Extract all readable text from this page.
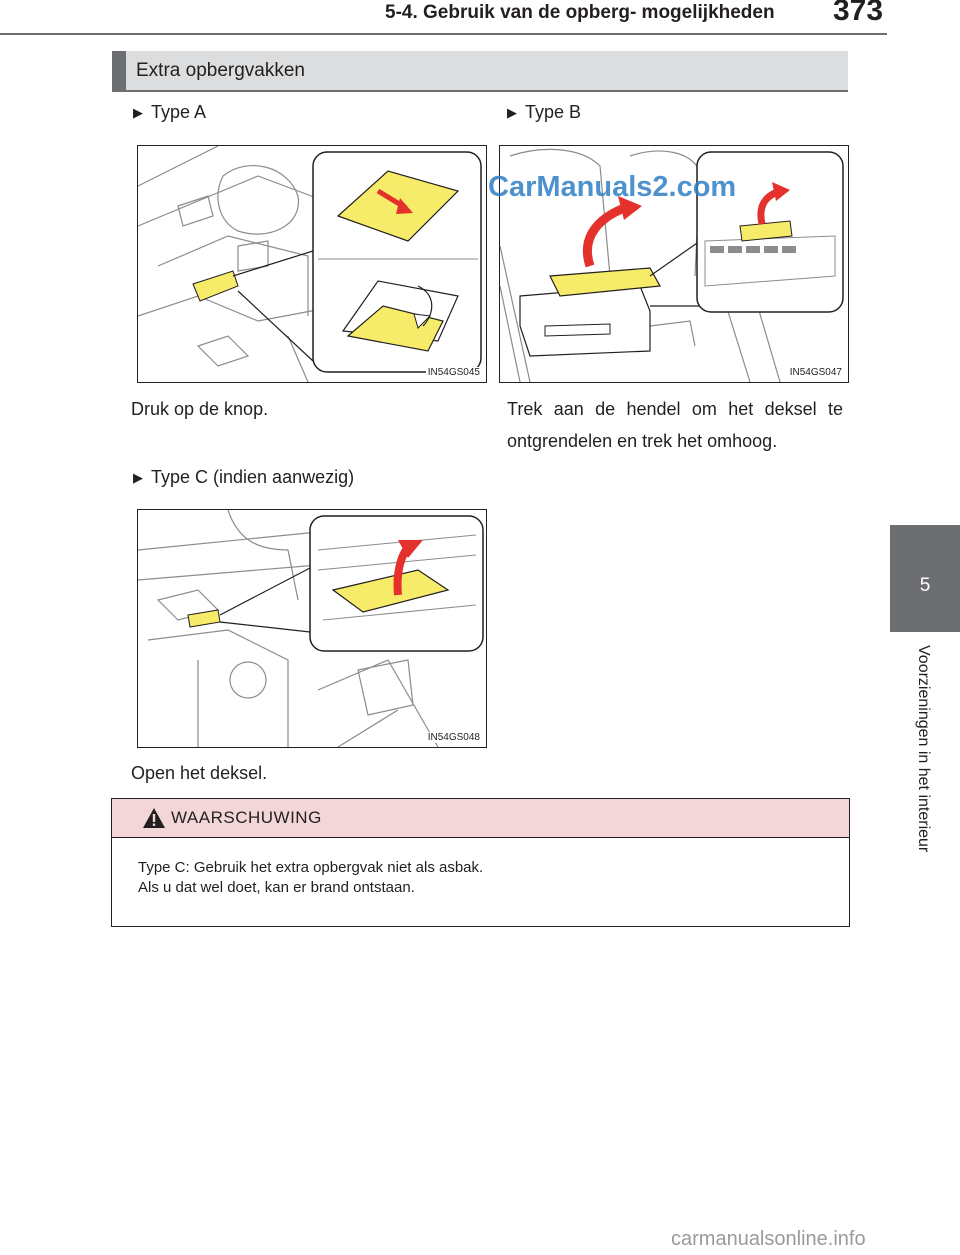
5-4. Gebruik van de opberg- mogelijkheden 373
5
Voorzieningen in het interieur
Extra opbergvakken
▶ Type A
IN54GS045
Druk op de knop.
▶ Type B
IN54GS047
Trek aan de hendel om het deksel te ontgrendelen en trek het omhoog.
▶ Type C (indien aanwezig)
IN54GS048
Open het deksel.
WAARSCHUWING
Type C: Gebruik het extra opbergvak niet als asbak.
Als u dat wel doet, kan er brand ontstaan.
CarManuals2.com
carmanualsonline.info
